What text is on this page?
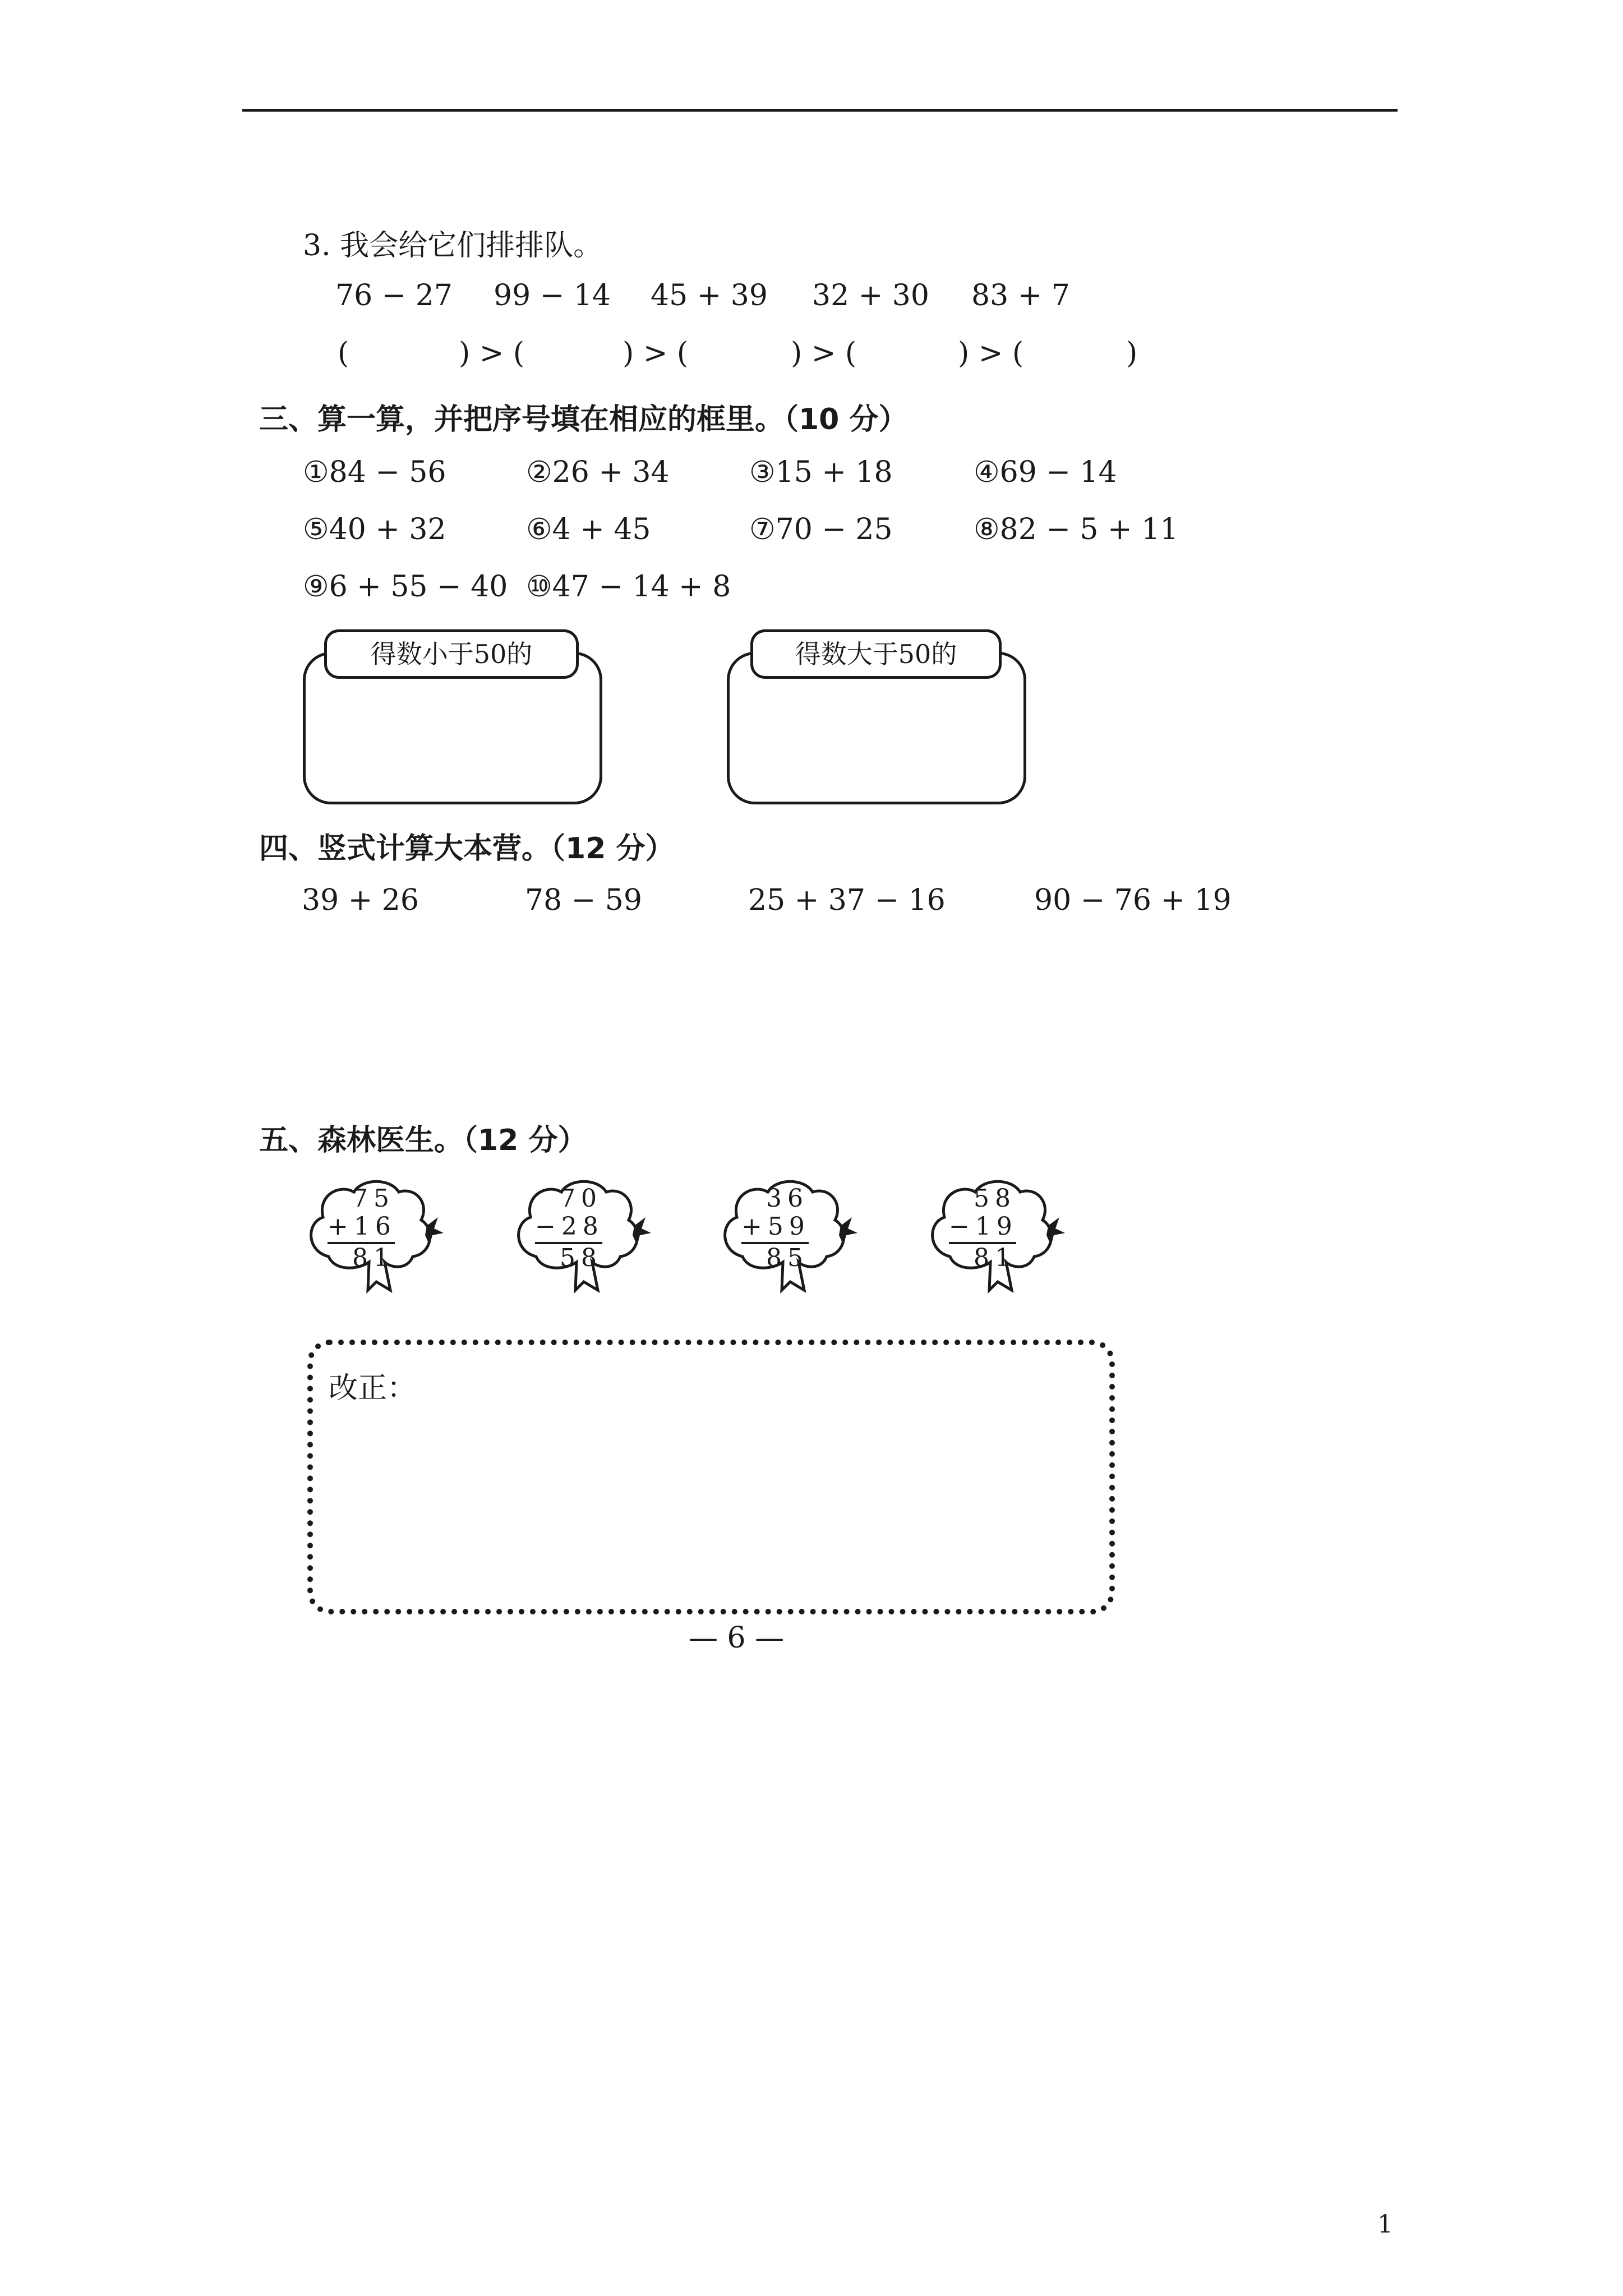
3. 我会给它们排排队。
76 − 27 99 − 14 45 + 39 32 + 30 83 + 7
(	) > (	) > (	) > (	) > (	)
三、算一算，并把序号填在相应的框里。（10 分）
①84 − 56	②26 + 34	③15 + 18	④69 − 14
⑤40 + 32	⑥4 + 45	⑦70 − 25	⑧82 − 5 + 11
⑨6 + 55 − 40 ⑩47 − 14 + 8
得数小于50的	得数大于50的
四、竖式计算大本营。（12 分）
39 + 26	78 − 59	25 + 37 − 16	90 − 76 + 19
五、森林医生。（12 分）
75
+16
81
70
−28
58
36
+59
85
58
−19
81
改正：
— 6 —
1
